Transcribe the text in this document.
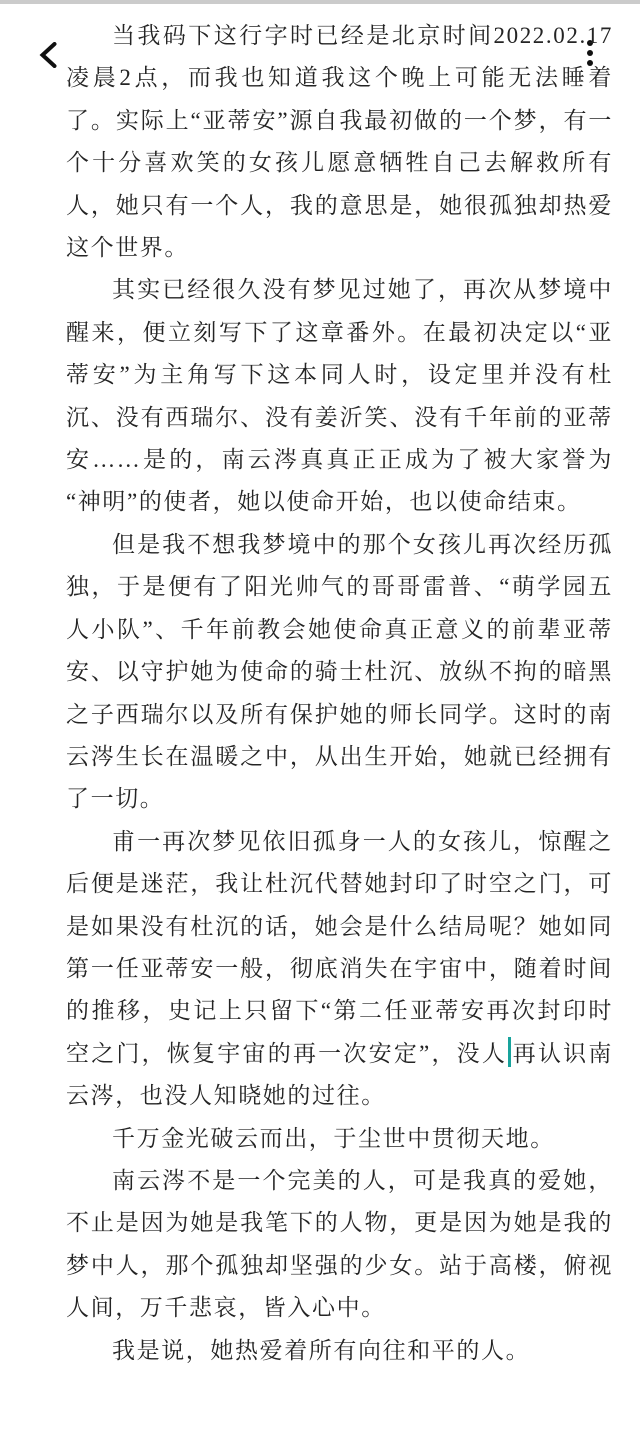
当我码下这行字时已经是北京时间2022.02.17凌晨2点，而我也知道我这个晚上可能无法睡着了。实际上“亚蒂安”源自我最初做的一个梦，有一个十分喜欢笑的女孩儿愿意牺牲自己去解救所有人，她只有一个人，我的意思是，她很孤独却热爱这个世界。

其实已经很久没有梦见过她了，再次从梦境中醒来，便立刻写下了这章番外。在最初决定以“亚蒂安”为主角写下这本同人时，设定里并没有杜沉、没有西瑞尔、没有姜沂笑、没有千年前的亚蒂安……是的，南云涔真真正正成为了被大家誉为“神明”的使者，她以使命开始，也以使命结束。

但是我不想我梦境中的那个女孩儿再次经历孤独，于是便有了阳光帅气的哥哥雷普、“萌学园五人小队”、千年前教会她使命真正意义的前辈亚蒂安、以守护她为使命的骑士杜沉、放纵不拘的暗黑之子西瑞尔以及所有保护她的师长同学。这时的南云涔生长在温暖之中，从出生开始，她就已经拥有了一切。

甫一再次梦见依旧孤身一人的女孩儿，惊醒之后便是迷茫，我让杜沉代替她封印了时空之门，可是如果没有杜沉的话，她会是什么结局呢？她如同第一任亚蒂安一般，彻底消失在宇宙中，随着时间的推移，史记上只留下“第二任亚蒂安再次封印时空之门，恢复宇宙的再一次安定”，没人 再认识南云涔，也没人知晓她的过往。

千万金光破云而出，于尘世中贯彻天地。

南云涔不是一个完美的人，可是我真的爱她，不止是因为她是我笔下的人物，更是因为她是我的梦中人，那个孤独却坚强的少女。站于高楼，俯视人间，万千悲哀，皆入心中。

我是说，她热爱着所有向往和平的人。
